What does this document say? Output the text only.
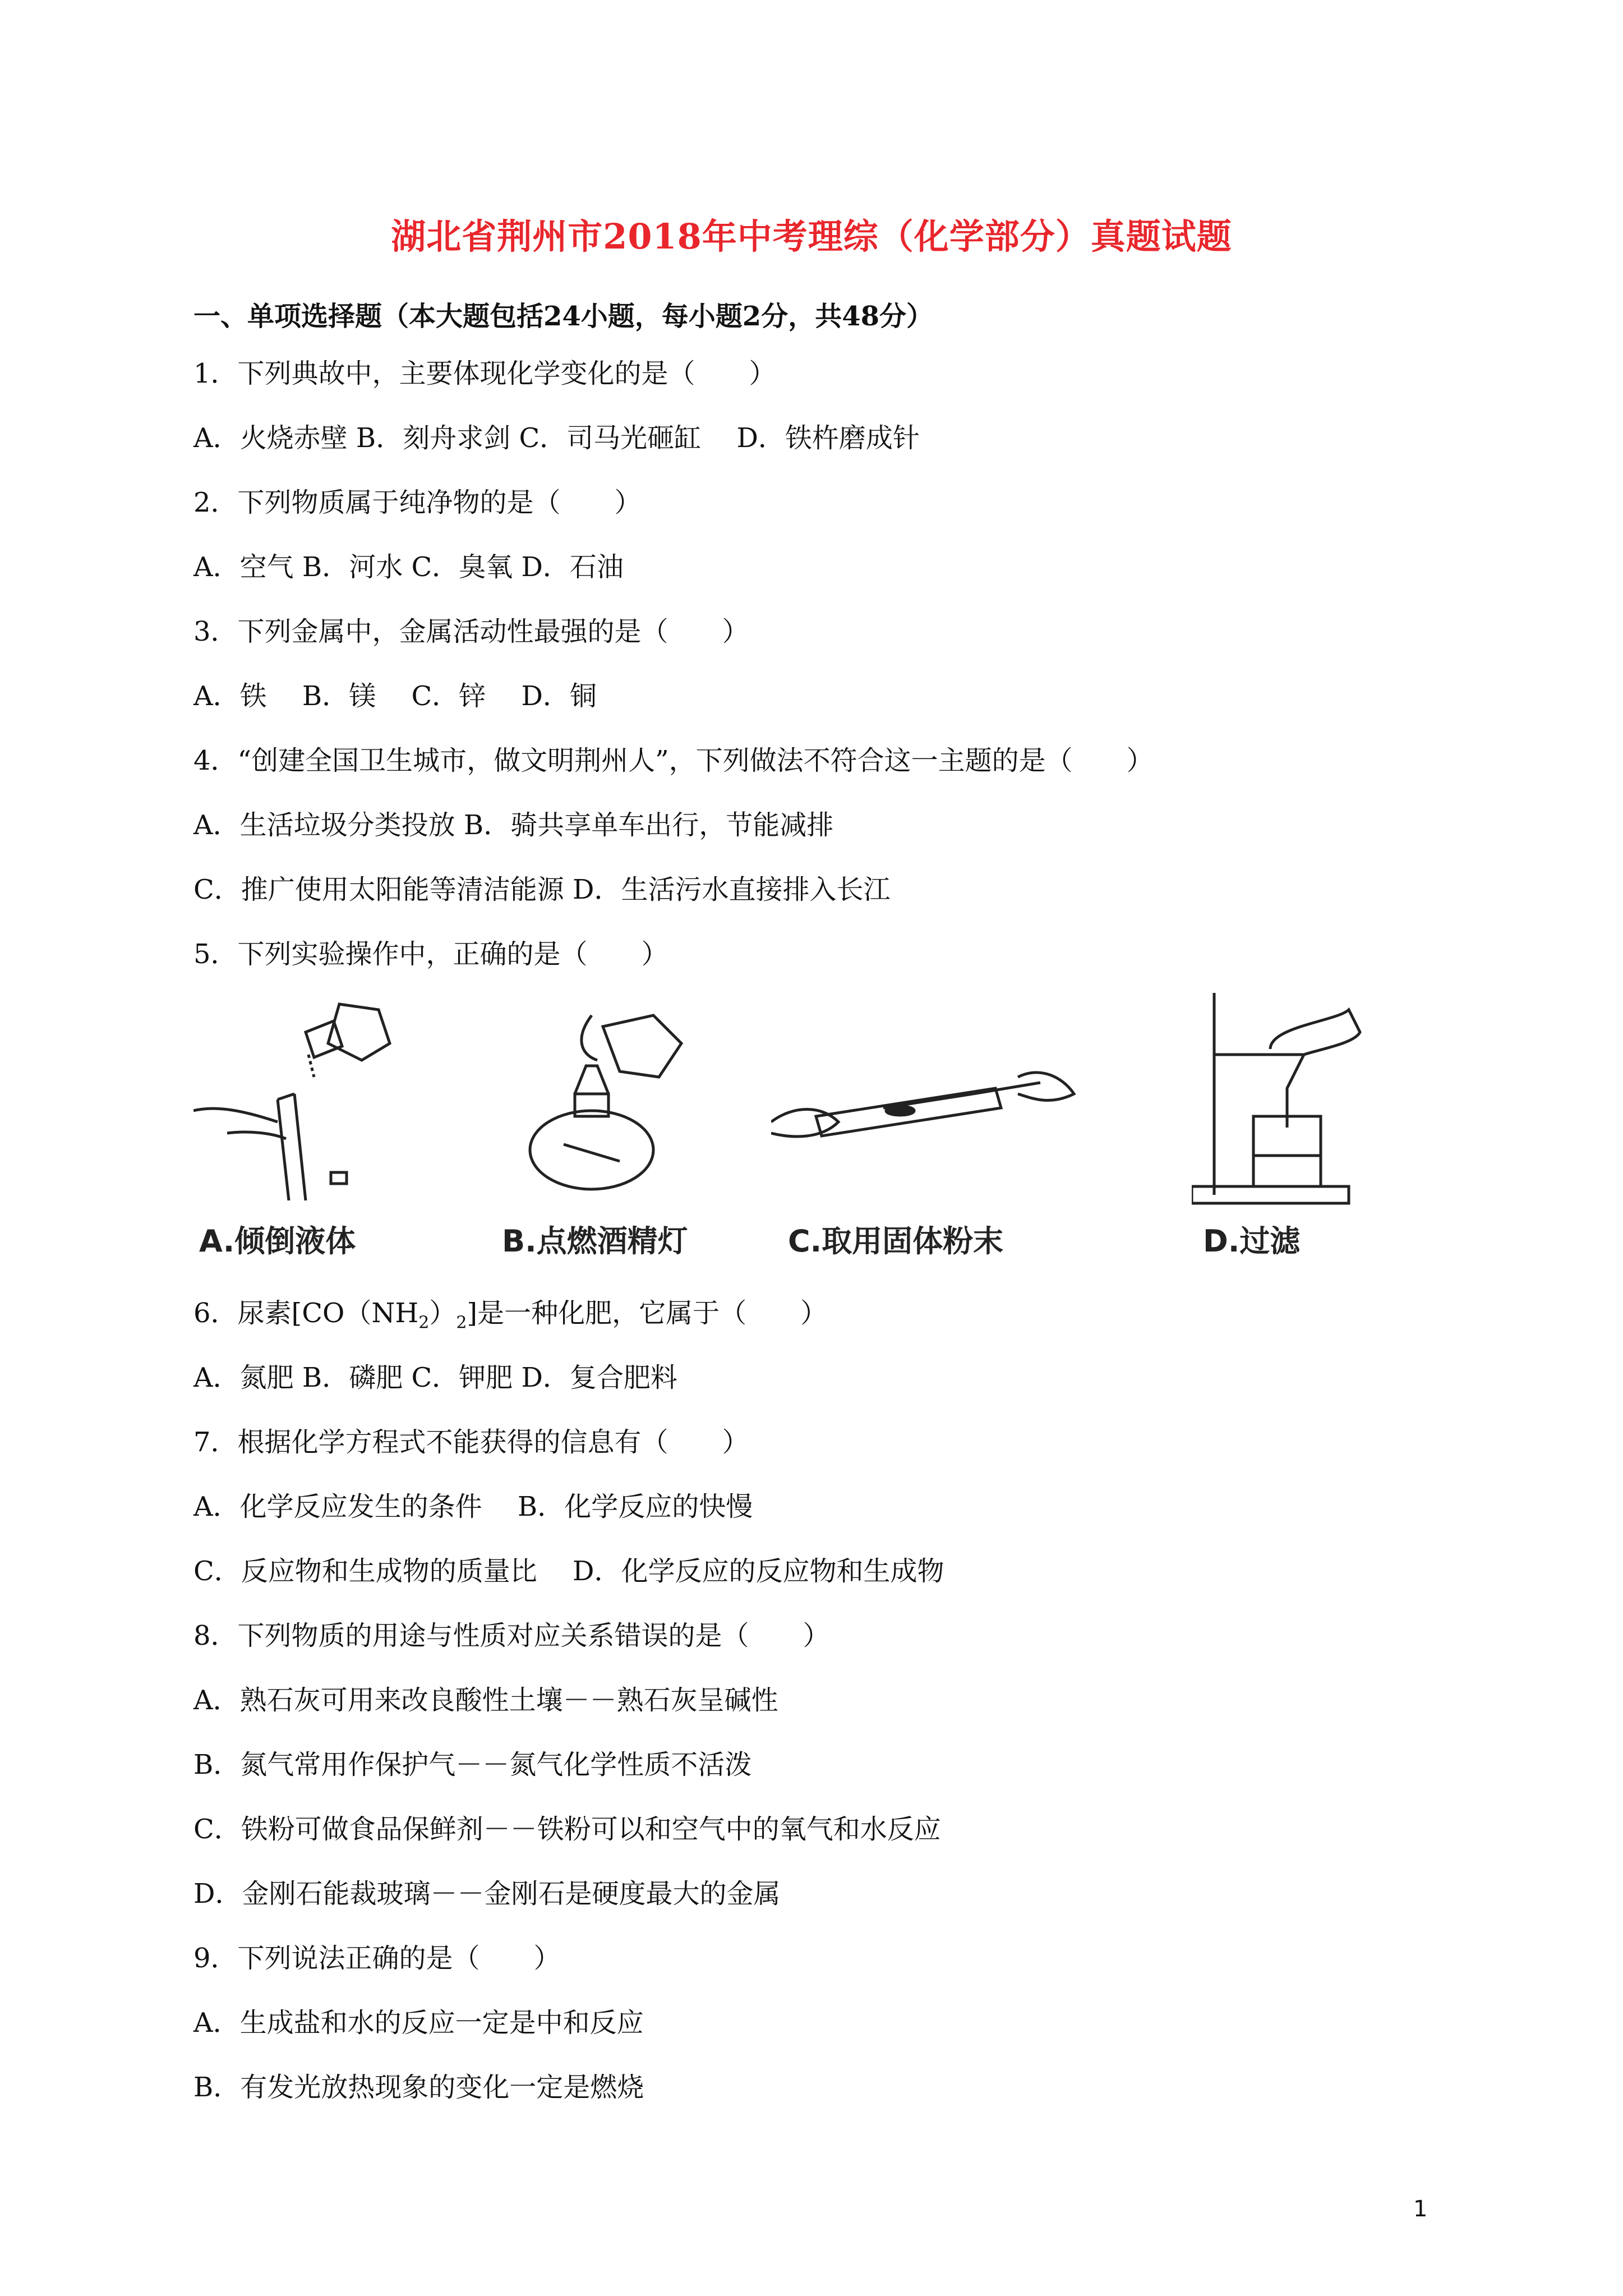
湖北省荆州市2018年中考理综（化学部分）真题试题
一、单项选择题（本大题包括24小题，每小题2分，共48分）
1．下列典故中，主要体现化学变化的是（　　）
A．火烧赤壁 B．刻舟求剑 C．司马光砸缸　 D．铁杵磨成针
2．下列物质属于纯净物的是（　　）
A．空气 B．河水 C．臭氧 D．石油
3．下列金属中，金属活动性最强的是（　　）
A．铁　 B．镁　 C．锌　 D．铜
4．“创建全国卫生城市，做文明荆州人”，下列做法不符合这一主题的是（　　）
A．生活垃圾分类投放 B．骑共享单车出行，节能减排
C．推广使用太阳能等清洁能源 D．生活污水直接排入长江
5．下列实验操作中，正确的是（　　）
A.倾倒液体	B.点燃酒精灯	C.取用固体粉末	D.过滤
6．尿素$[CO(NH_2)_2]$是一种化肥，它属于（　　）
A．氮肥 B．磷肥 C．钾肥 D．复合肥料
7．根据化学方程式不能获得的信息有（　　）
A．化学反应发生的条件　 B．化学反应的快慢
C．反应物和生成物的质量比　 D．化学反应的反应物和生成物
8．下列物质的用途与性质对应关系错误的是（　　）
A．熟石灰可用来改良酸性土壤－－熟石灰呈碱性
B．氮气常用作保护气－－氮气化学性质不活泼
C．铁粉可做食品保鲜剂－－铁粉可以和空气中的氧气和水反应
D．金刚石能裁玻璃－－金刚石是硬度最大的金属
9．下列说法正确的是（　　）
A．生成盐和水的反应一定是中和反应
B．有发光放热现象的变化一定是燃烧
1
